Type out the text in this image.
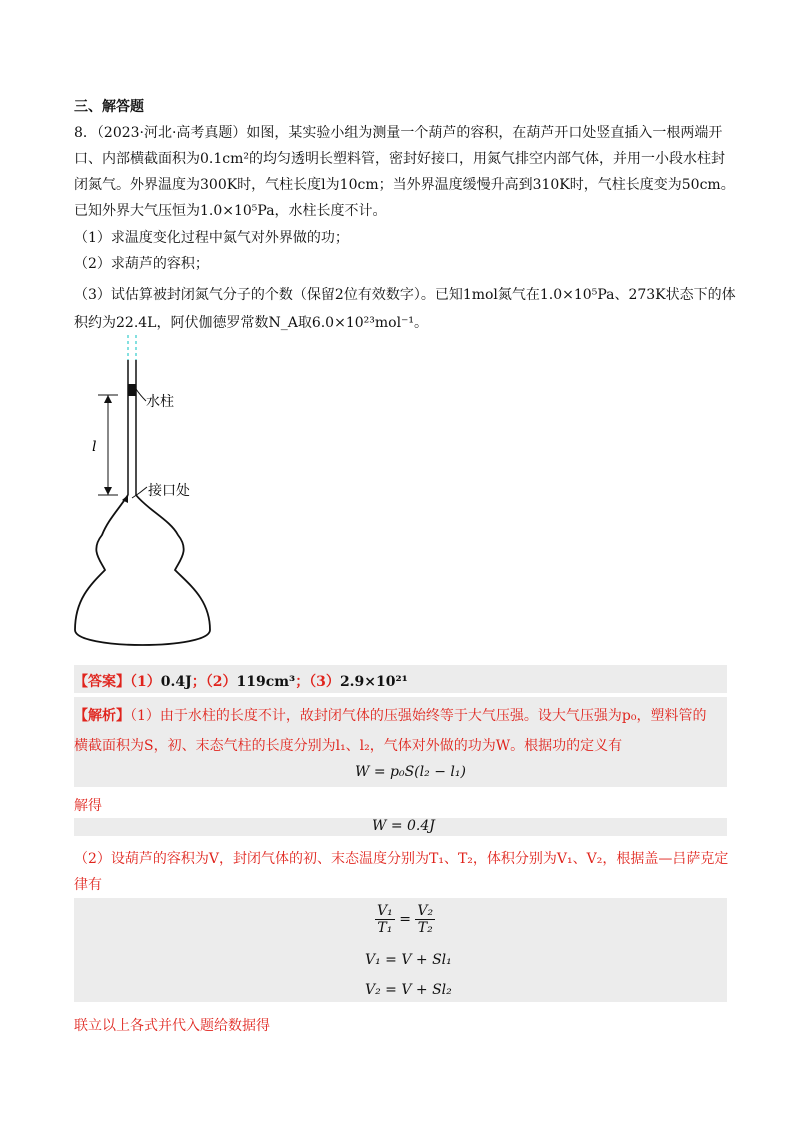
三、解答题
8．（2023·河北·高考真题）如图，某实验小组为测量一个葫芦的容积，在葫芦开口处竖直插入一根两端开
口、内部横截面积为0.1cm²的均匀透明长塑料管，密封好接口，用氮气排空内部气体，并用一小段水柱封
闭氮气。外界温度为300K时，气柱长度l为10cm；当外界温度缓慢升高到310K时，气柱长度变为50cm。
已知外界大气压恒为1.0×10⁵Pa，水柱长度不计。
（1）求温度变化过程中氮气对外界做的功；
（2）求葫芦的容积；
（3）试估算被封闭氮气分子的个数（保留2位有效数字）。已知1mol氮气在1.0×10⁵Pa、273K状态下的体
积约为22.4L，阿伏伽德罗常数N_A取6.0×10²³mol⁻¹。
l
水柱
接口处
【答案】（1）0.4J；（2）119cm³；（3）2.9×10²¹
【解析】（1）由于水柱的长度不计，故封闭气体的压强始终等于大气压强。设大气压强为p₀，塑料管的
横截面积为S，初、末态气柱的长度分别为l₁、l₂，气体对外做的功为W。根据功的定义有
W = p₀S(l₂ − l₁)
解得
W = 0.4J
（2）设葫芦的容积为V，封闭气体的初、末态温度分别为T₁、T₂，体积分别为V₁、V₂，根据盖—吕萨克定
律有
$\frac{\text{V₁}}{\text{T₁}} = \frac{\text{V₂}}{\text{T₂}}$
V₁ = V + Sl₁
V₂ = V + Sl₂
联立以上各式并代入题给数据得
